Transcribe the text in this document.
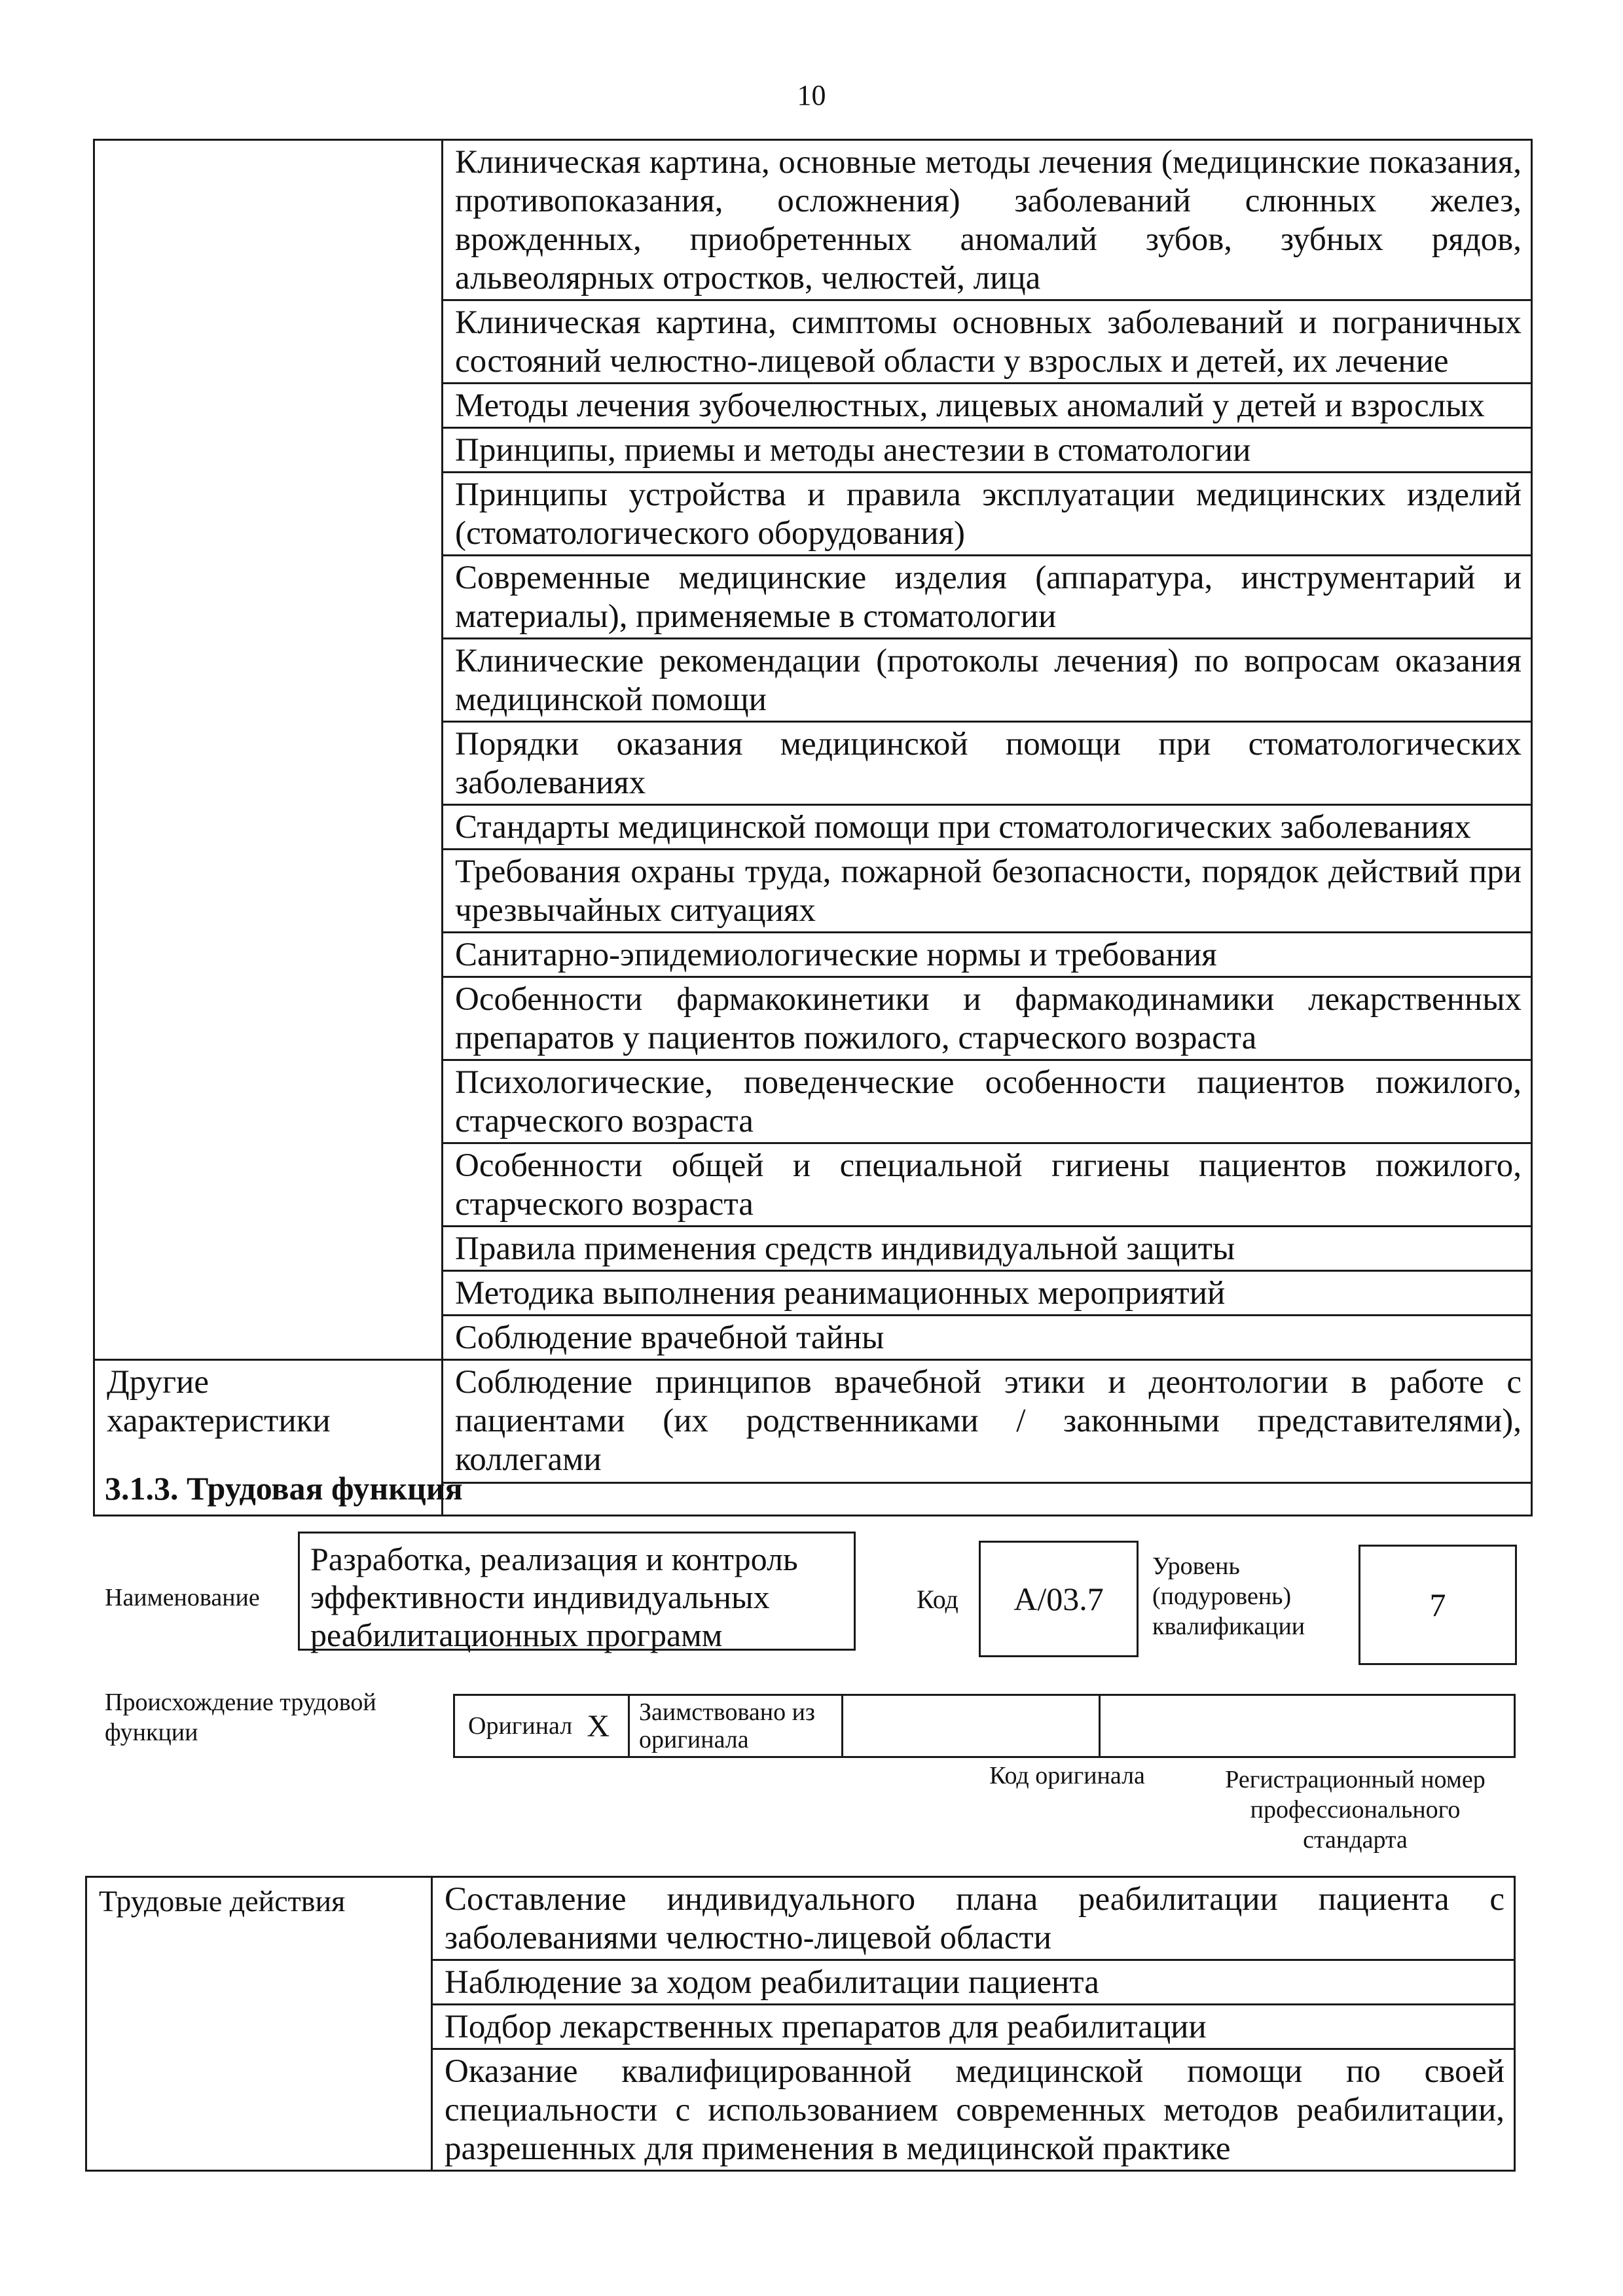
10

	Клиническая картина, основные методы лечения (медицинские показания, противопоказания, осложнения) заболеваний слюнных желез, врожденных, приобретенных аномалий зубов, зубных рядов, альвеолярных отростков, челюстей, лица

	Клиническая картина, симптомы основных заболеваний и пограничных состояний челюстно-лицевой области у взрослых и детей, их лечение

	Методы лечения зубочелюстных, лицевых аномалий у детей и взрослых

	Принципы, приемы и методы анестезии в стоматологии

	Принципы устройства и правила эксплуатации медицинских изделий (стоматологического оборудования)

	Современные медицинские изделия (аппаратура, инструментарий и материалы), применяемые в стоматологии

	Клинические рекомендации (протоколы лечения) по вопросам оказания медицинской помощи

	Порядки оказания медицинской помощи при стоматологических заболеваниях

	Стандарты медицинской помощи при стоматологических заболеваниях

	Требования охраны труда, пожарной безопасности, порядок действий при чрезвычайных ситуациях

	Санитарно-эпидемиологические нормы и требования

	Особенности фармакокинетики и фармакодинамики лекарственных препаратов у пациентов пожилого, старческого возраста

	Психологические, поведенческие особенности пациентов пожилого, старческого возраста

	Особенности общей и специальной гигиены пациентов пожилого, старческого возраста

	Правила применения средств индивидуальной защиты

	Методика выполнения реанимационных мероприятий

	Соблюдение врачебной тайны

Другие характеристики	Соблюдение принципов врачебной этики и деонтологии в работе с пациентами (их родственниками / законными представителями), коллегами

3.1.3. Трудовая функция
Наименование
Разработка, реализация и контроль эффективности индивидуальных реабилитационных программ
Код A/03.7
Уровень (подуровень) квалификации
7
Происхождение трудовой функции	Оригинал	X	Заимствовано из оригинала

Код оригинала	Регистрационный номер профессионального стандарта
Трудовые действия	Составление индивидуального плана реабилитации пациента с заболеваниями челюстно-лицевой области

Наблюдение за ходом реабилитации пациента

Подбор лекарственных препаратов для реабилитации

Оказание квалифицированной медицинской помощи по своей специальности с использованием современных методов реабилитации, разрешенных для применения в медицинской практике
